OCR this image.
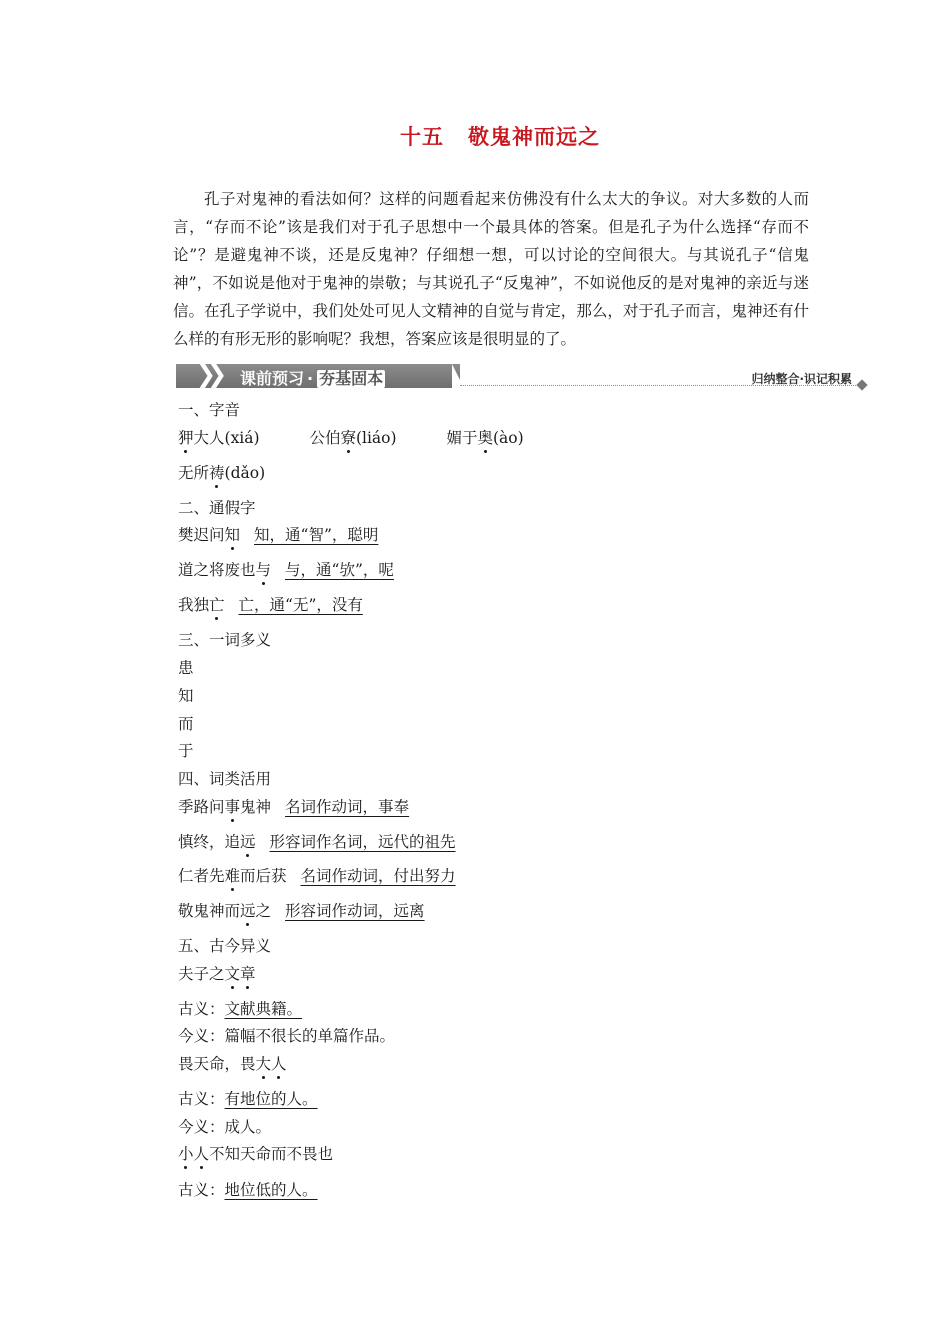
十五 敬鬼神而远之
孔子对鬼神的看法如何？这样的问题看起来仿佛没有什么太大的争议。对大多数的人而言，“存而不论”该是我们对于孔子思想中一个最具体的答案。但是孔子为什么选择“存而不论”？是避鬼神不谈，还是反鬼神？仔细想一想，可以讨论的空间很大。与其说孔子“信鬼神”，不如说是他对于鬼神的崇敬；与其说孔子“反鬼神”，不如说他反的是对鬼神的亲近与迷信。在孔子学说中，我们处处可见人文精神的自觉与肯定，那么，对于孔子而言，鬼神还有什么样的有形无形的影响呢？我想，答案应该是很明显的了。
❯❯ 课前预习 · 夯基固本	归纳整合·识记积累
一、字音
狎大人(xiá)	公伯寮(liáo)	媚于奥(ào)
无所祷(dǎo)
二、通假字
樊迟问知 知，通“智”，聪明
道之将废也与 与，通“欤”，呢
我独亡 亡，通“无”，没有
三、一词多义
患
知
而
于
四、词类活用
季路问事鬼神 名词作动词，事奉
慎终，追远 形容词作名词，远代的祖先
仁者先难而后获 名词作动词，付出努力
敬鬼神而远之 形容词作动词，远离
五、古今异义
夫子之文章
古义：文献典籍。
今义：篇幅不很长的单篇作品。
畏天命，畏大人
古义：有地位的人。
今义：成人。
小人不知天命而不畏也
古义：地位低的人。
